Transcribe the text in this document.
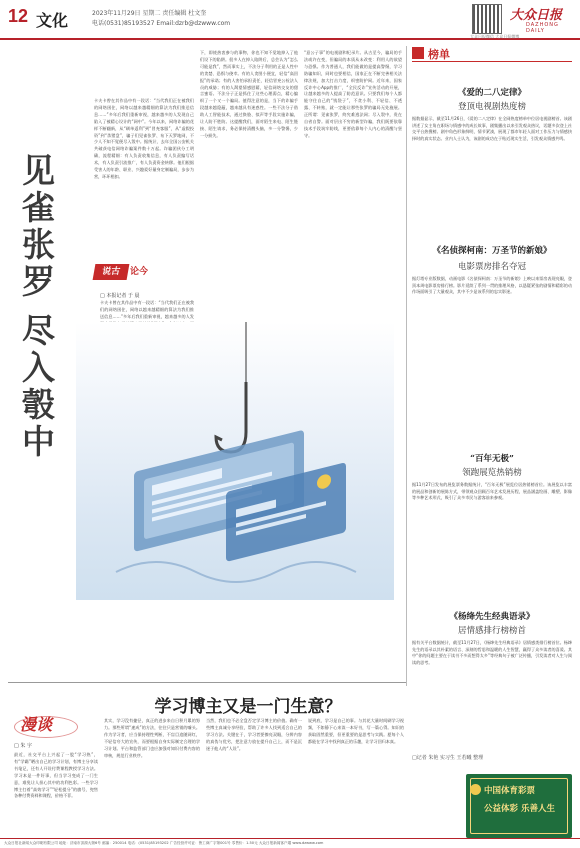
12 文化	2023年11月29日 星期二 责任编辑 杜文奎
电话(0531)85193527 Email:dzrb@dzwww.com
大众日报微信 大众日报微博
大众日报
DAZHONG DAILY
见雀张罗
尽入彀中
说古	论今
□ 本报记者 于 晨
卡夫卡曾在其作品中有一段话：“当代我们正在被我们的网络困住，网络以越来越精细的算法为我们推送信息……”多年后我们重新审视，越来越多的人发
卡夫卡曾在其作品中有一段话：“当代我们正在被我们的网络困住，网络以越来越精细的算法为我们推送信息……”多年后我们重新审视，越来越多的人发现自己陷入了被精心设计的“网中”。今年以来，网络诈骗的花样不断翻新，从“刷单返利”到“冒充客服”，从“虚假投资”到“杀猪盘”，骗子们见雀张罗、布下天罗地网，不少人不知不觉便尽入彀中。据统计，去年全国公安机关共破获电信网络诈骗案件数十万起。诈骗团伙分工明确，流程精细：有人负责收集信息，有人负责编写话术，有人负责引流推广，有人负责资金转移。他们根据受害人的年龄、职业、兴趣爱好量身定制骗局，步步为营，环环相扣。
下，即使热衷参与的事物，你也不知不觉地掉入了他们设下的陷阱。很多人在掉入陷阱后，总会认为“怎么可能是我”，然而事实上，不法分子利用的正是人性中的贪婪、恐惧与侥幸。有的人贪图小便宜，轻信“高回报”的承诺；有的人害怕承担责任，轻信冒充公检法人员的威胁；有的人渴望情感慰藉，轻信网络交友的甜言蜜语。不法分子正是抓住了这些心理弱点，精心编织了一个又一个骗局。值得注意的是，当下的诈骗手段越来越隐蔽，越来越具有迷惑性。一些不法分子借助人工智能技术，通过换脸、拟声等手段实施诈骗，让人防不胜防。这提醒我们，面对陌生来电、陌生链接、陌生请求，务必保持清醒头脑，多一分警惕，少一分损失。
“意公子事”的电视剧和纪录片。从古至今，骗局的手法或许在变，但骗局的本质从未改变：利用人的欲望与恐惧。作为普通人，我们能做的是提高警惕，学习防骗知识，同时也要相信，国家正在不断完善相关法律法规，加大打击力度，织密防护网。近年来，国家反诈中心App的推广，“全民反诈”宣传活动的开展，让越来越多的人提高了防范意识。只要我们每个人都能守住自己的“钱袋子”，不贪小利、不轻信、不透露、不转账，就一定能让那些张罗的骗局无处施展。正所谓：见雀张罗，终究难逃法网；尽入彀中，贵在自省自警。面对层出不穷的新型诈骗，我们既要依靠技术手段筑牢防线，更要依靠每个人内心的清醒与坚守。
榜单
《爱的二八定律》
登顶电视剧热度榜
据数据显示，截至11月26日，《爱的二八定律》在全网热度榜单中位居电视剧榜首。该剧讲述了女主角在职场与情感中的成长故事，剧集播出以来引发观众热议，话题多次登上社交平台热搜榜。剧中角色形象鲜明，情节紧凑，展现了都市年轻人面对工作压力与情感抉择时的真实状态。业内人士认为，该剧的成功在于贴近现实生活，引发观众情感共鸣。
《名侦探柯南：万圣节的新娘》
电影票房排名夺冠
据灯塔专业版数据，动画电影《名侦探柯南：万圣节的新娘》上映以来票房表现亮眼，登顶本周电影票房排行榜。影片延续了系列一贯的推理风格，以悬疑紧张的剧情和精彩的动作场面吸引了大量观众，其中不少是该系列的忠实影迷。
“百年无极”
领跑展览热销榜
据11月27日发布的展览票务数据统计，“百年无极”展览位居热销榜首位。该展览以丰富的展品和创新的展陈方式，带领观众回顾百年艺术发展历程，展品涵盖绘画、雕塑、影像等多种艺术形式，吸引了众多市民与游客前来参观。
《杨绛先生经典语录》
居情感排行榜榜首
据有关平台数据统计，截至11月27日，《杨绛先生经典语录》居情感类排行榜首位。杨绛先生的语录以其朴素的语言、深刻的哲思和温暖的人生智慧，赢得了众多读者的喜爱。其中“你的问题主要在于读书不多而想得太多”等经典句子被广泛传播，引发读者对人生与阅读的思考。
□记者 朱艳 实习生 王若曦 整理
中国体育彩票
公益体彩 乐善人生
学习博主又是一门生意？
漫谈
□ 朱 宇
最近，社交平台上兴起了一股“学习热”，有“学霸”晒出自己的学习计划，有博主分享读书笔记，还有人开设付费课程教授学习方法。学习本是一件好事，但当学习变成了一门生意，难免让人担心其中的功利色彩。一些学习博主打着“高效学习”“轻松提分”的旗号，兜售各种付费资料和课程，价格不菲。
其实，学习没有捷径，真正的进步来自日积月累的努力。那些所谓“速成”的方法，往往只是营销的噱头。作为学习者，应当保持理性判断，不盲目追随网红，不轻信夸大的宣传，而要根据自身实际制定合理的学习计划。平台和监管部门也应加强对知识付费内容的审核，规范行业秩序。
当然，我们也不必全盘否定学习博主的价值。确有一些博主真诚分享经验，帮助了许多人找到适合自己的学习方法。关键在于，学习者要擦亮双眼，分辨内容的真伪与优劣，把注意力放在提升自己上，而不是沉迷于他人的“人设”。
说到底，学习是自己的事。与其花大量时间刷学习视频，不如静下心来读一本好书，写一篇心得。知识的获取固然重要，但更重要的是思考与实践。愿每个人都能在学习中找到真正的乐趣，让学习回归本真。
大众日报社新闻大众印刷有限公司 地址：济南市泺源大街6号 邮编：250014 电话：(0531)85193202 广告经营许可证：鲁工商广字第001号 零售价：1.50元 大众日报新闻客户端 www.dzwww.com
